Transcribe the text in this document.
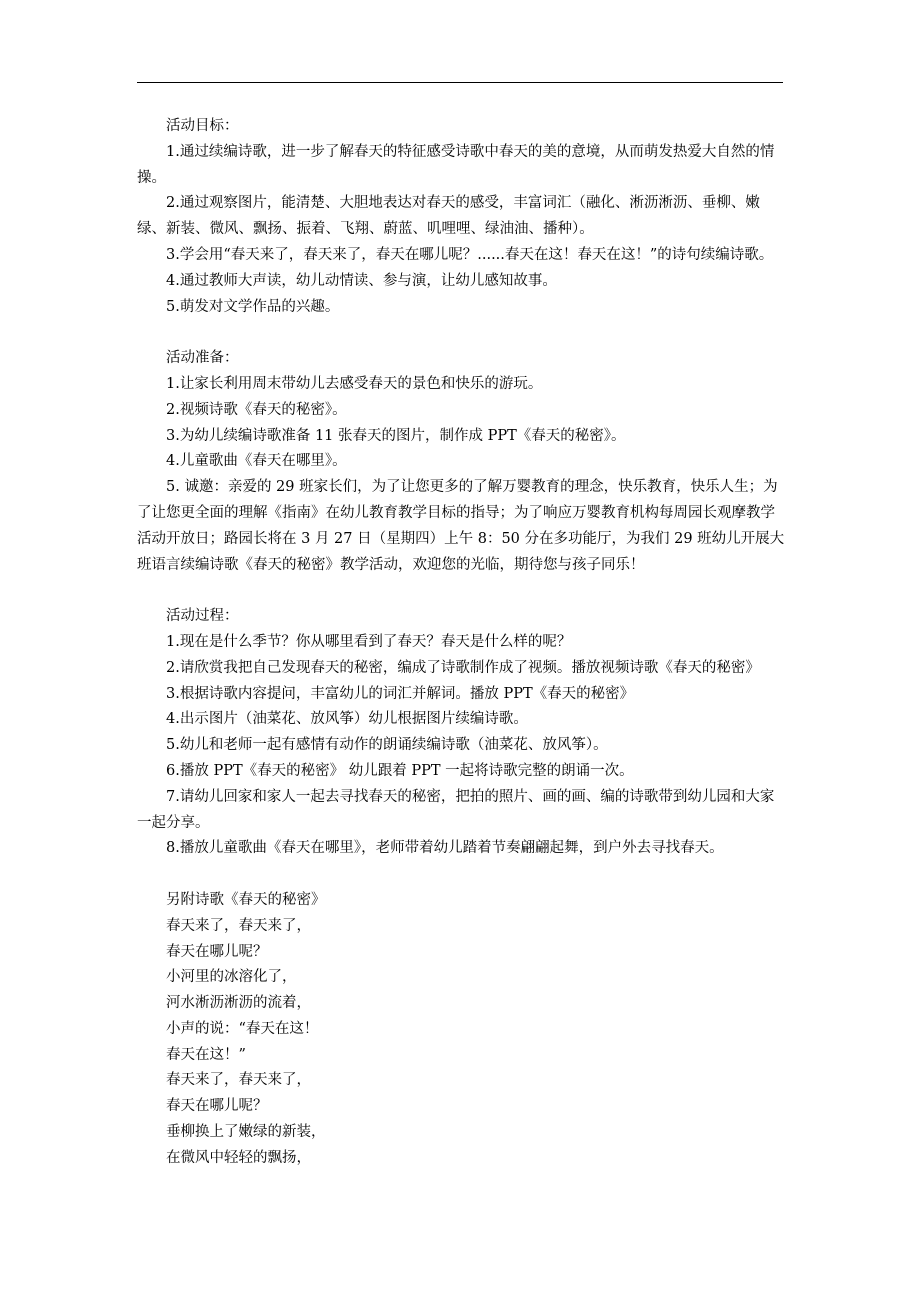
活动目标：

1.通过续编诗歌，进一步了解春天的特征感受诗歌中春天的美的意境，从而萌发热爱大自然的情操。

2.通过观察图片，能清楚、大胆地表达对春天的感受，丰富词汇（融化、淅沥淅沥、垂柳、嫩绿、新装、微风、飘扬、振着、飞翔、蔚蓝、叽哩哩、绿油油、播种）。

3.学会用“春天来了，春天来了，春天在哪儿呢？......春天在这！春天在这！”的诗句续编诗歌。

4.通过教师大声读，幼儿动情读、参与演，让幼儿感知故事。

5.萌发对文学作品的兴趣。

活动准备：

1.让家长利用周末带幼儿去感受春天的景色和快乐的游玩。

2.视频诗歌《春天的秘密》。

3.为幼儿续编诗歌准备 11 张春天的图片，制作成 PPT《春天的秘密》。

4.儿童歌曲《春天在哪里》。

5. 诚邀：亲爱的 29 班家长们，为了让您更多的了解万婴教育的理念，快乐教育，快乐人生；为了让您更全面的理解《指南》在幼儿教育教学目标的指导；为了响应万婴教育机构每周园长观摩教学活动开放日；路园长将在 3 月 27 日（星期四）上午 8：50 分在多功能厅，为我们 29 班幼儿开展大班语言续编诗歌《春天的秘密》教学活动，欢迎您的光临，期待您与孩子同乐！

活动过程：

1.现在是什么季节？你从哪里看到了春天？春天是什么样的呢？

2.请欣赏我把自己发现春天的秘密，编成了诗歌制作成了视频。播放视频诗歌《春天的秘密》

3.根据诗歌内容提问，丰富幼儿的词汇并解词。播放 PPT《春天的秘密》

4.出示图片（油菜花、放风筝）幼儿根据图片续编诗歌。

5.幼儿和老师一起有感情有动作的朗诵续编诗歌（油菜花、放风筝）。

6.播放 PPT《春天的秘密》 幼儿跟着 PPT 一起将诗歌完整的朗诵一次。

7.请幼儿回家和家人一起去寻找春天的秘密，把拍的照片、画的画、编的诗歌带到幼儿园和大家一起分享。

8.播放儿童歌曲《春天在哪里》，老师带着幼儿踏着节奏翩翩起舞，到户外去寻找春天。

另附诗歌《春天的秘密》

春天来了，春天来了，

春天在哪儿呢？

小河里的冰溶化了，

河水淅沥淅沥的流着，

小声的说：“春天在这！

春天在这！”

春天来了，春天来了，

春天在哪儿呢？

垂柳换上了嫩绿的新装，

在微风中轻轻的飘扬，
